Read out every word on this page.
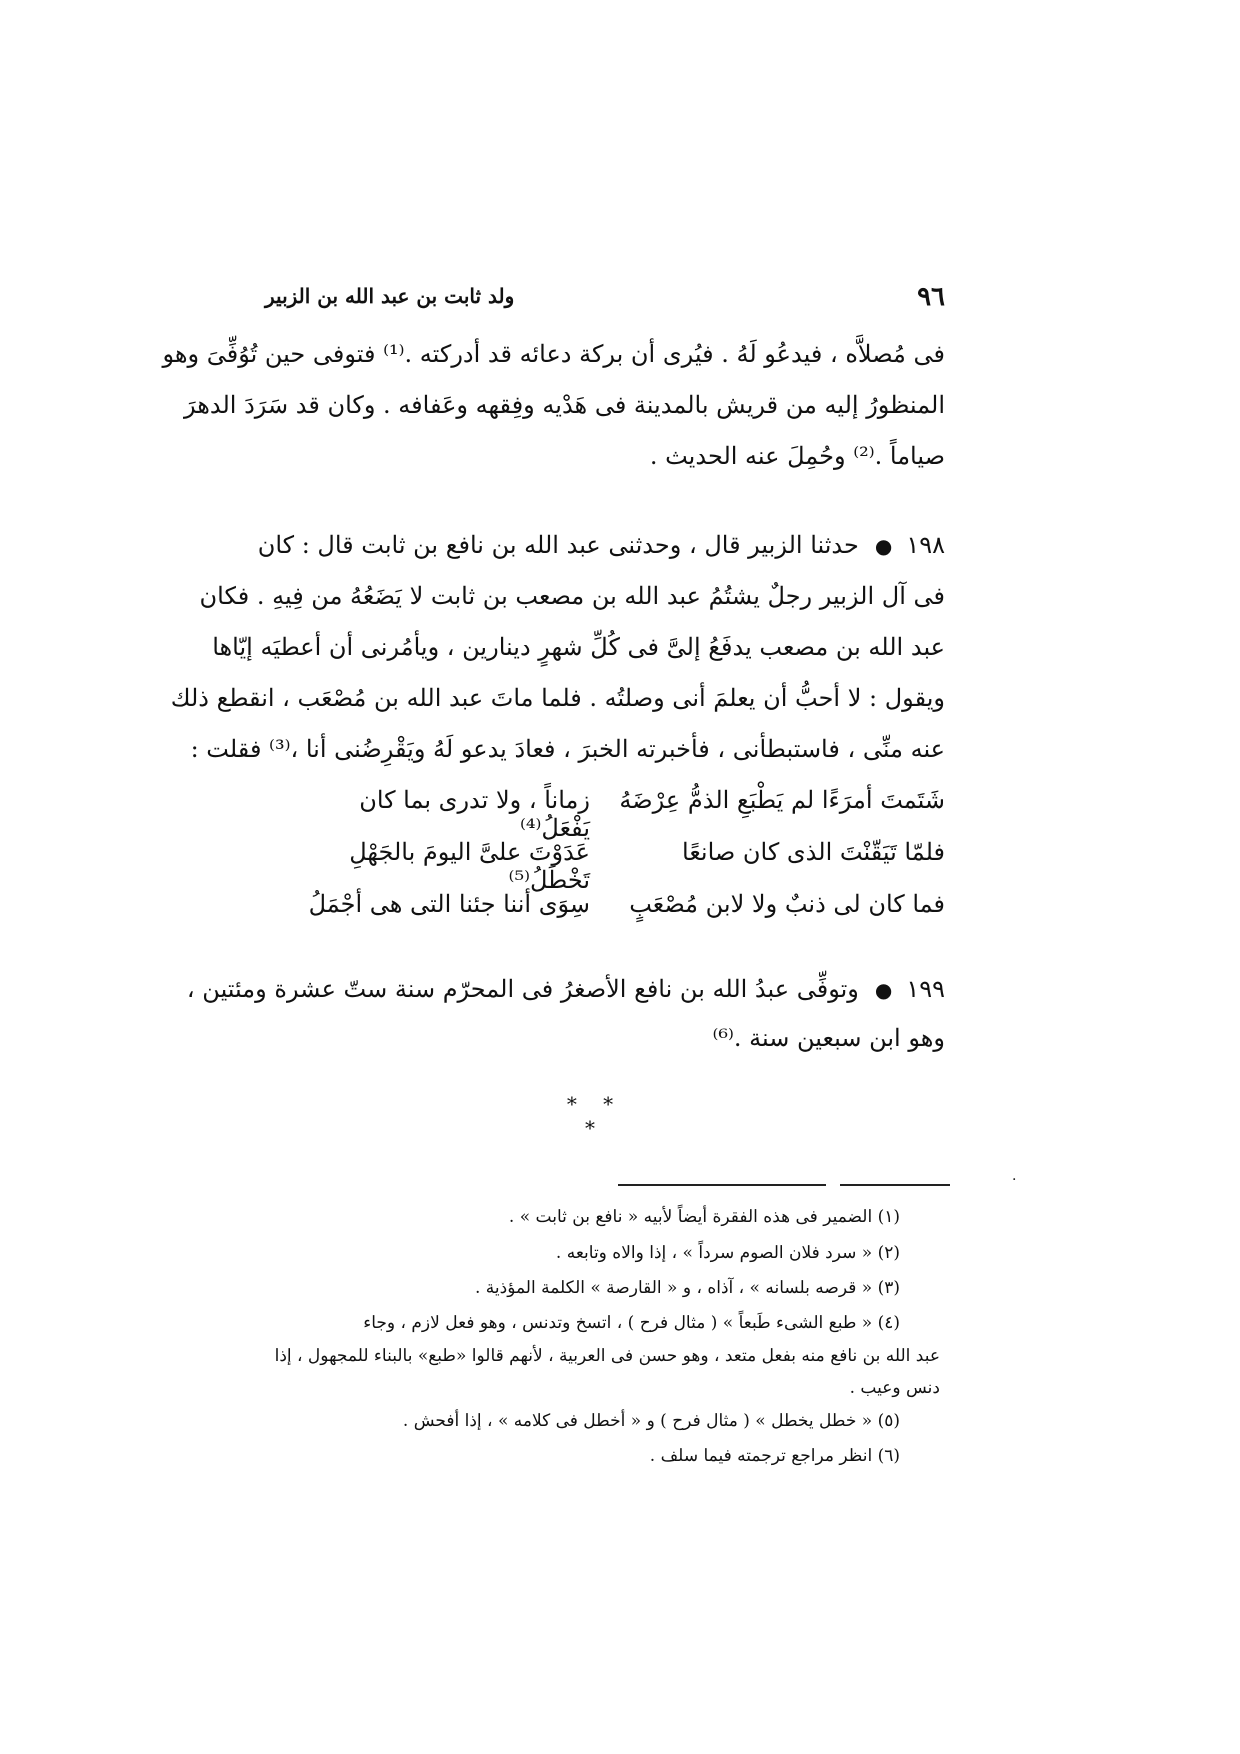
٩٦
ولد ثابت بن عبد الله بن الزبير
فى مُصلاَّه ، فيدعُو لَهُ . فيُرى أن بركة دعائه قد أدركته .⁽¹⁾ فتوفى حين تُوُفِّىَ وهو
المنظورُ إليه من قريش بالمدينة فى هَدْيه وفِقهه وعَفافه . وكان قد سَرَدَ الدهرَ
صياماً .⁽²⁾ وحُمِلَ عنه الحديث .
١٩٨●حدثنا الزبير قال ، وحدثنى عبد الله بن نافع بن ثابت قال : كان
فى آل الزبير رجلٌ يشتُمُ عبد الله بن مصعب بن ثابت لا يَضَعُهُ من فِيهِ . فكان
عبد الله بن مصعب يدفَعُ إلىَّ فى كُلِّ شهرٍ دينارين ، ويأمُرنى أن أعطيَه إيّاها
ويقول : لا أحبُّ أن يعلمَ أنى وصلتُه . فلما ماتَ عبد الله بن مُصْعَب ، انقطع ذلك
عنه منِّى ، فاستبطأنى ، فأخبرته الخبرَ ، فعادَ يدعو لَهُ ويَقْرِضُنى أنا ،⁽³⁾ فقلت :
شَتَمتَ أمرَءًا لم يَطْبَعِ الذمُّ عِرْضَهُ
زماناً ، ولا تدرى بما كان يَفْعَلُ⁽⁴⁾
فلمّا تَيَقّنْتَ الذى كان صانعًا
عَدَوْتَ علىَّ اليومَ بالجَهْلِ تَخْطَلُ⁽⁵⁾
فما كان لى ذنبٌ ولا لابن مُصْعَبٍ
سِوَى أننا جئنا التى هى أجْمَلُ
١٩٩●وتوفِّى عبدُ الله بن نافع الأصغرُ فى المحرّم سنة ستّ عشرة ومئتين ،
وهو ابن سبعين سنة .⁽⁶⁾
* * *
·
(١) الضمير فى هذه الفقرة أيضاً لأبيه « نافع بن ثابت » .
(٢) « سرد فلان الصوم سرداً » ، إذا والاه وتابعه .
(٣) « قرصه بلسانه » ، آذاه ، و « القارصة » الكلمة المؤذية .
(٤) « طبع الشىء طَبعاً » ( مثال فرح ) ، اتسخ وتدنس ، وهو فعل لازم ، وجاء
عبد الله بن نافع منه بفعل متعد ، وهو حسن فى العربية ، لأنهم قالوا «طبع» بالبناء للمجهول ، إذا
دنس وعيب .
(٥) « خطل يخطل » ( مثال فرح ) و « أخطل فى كلامه » ، إذا أفحش .
(٦) انظر مراجع ترجمته فيما سلف .
